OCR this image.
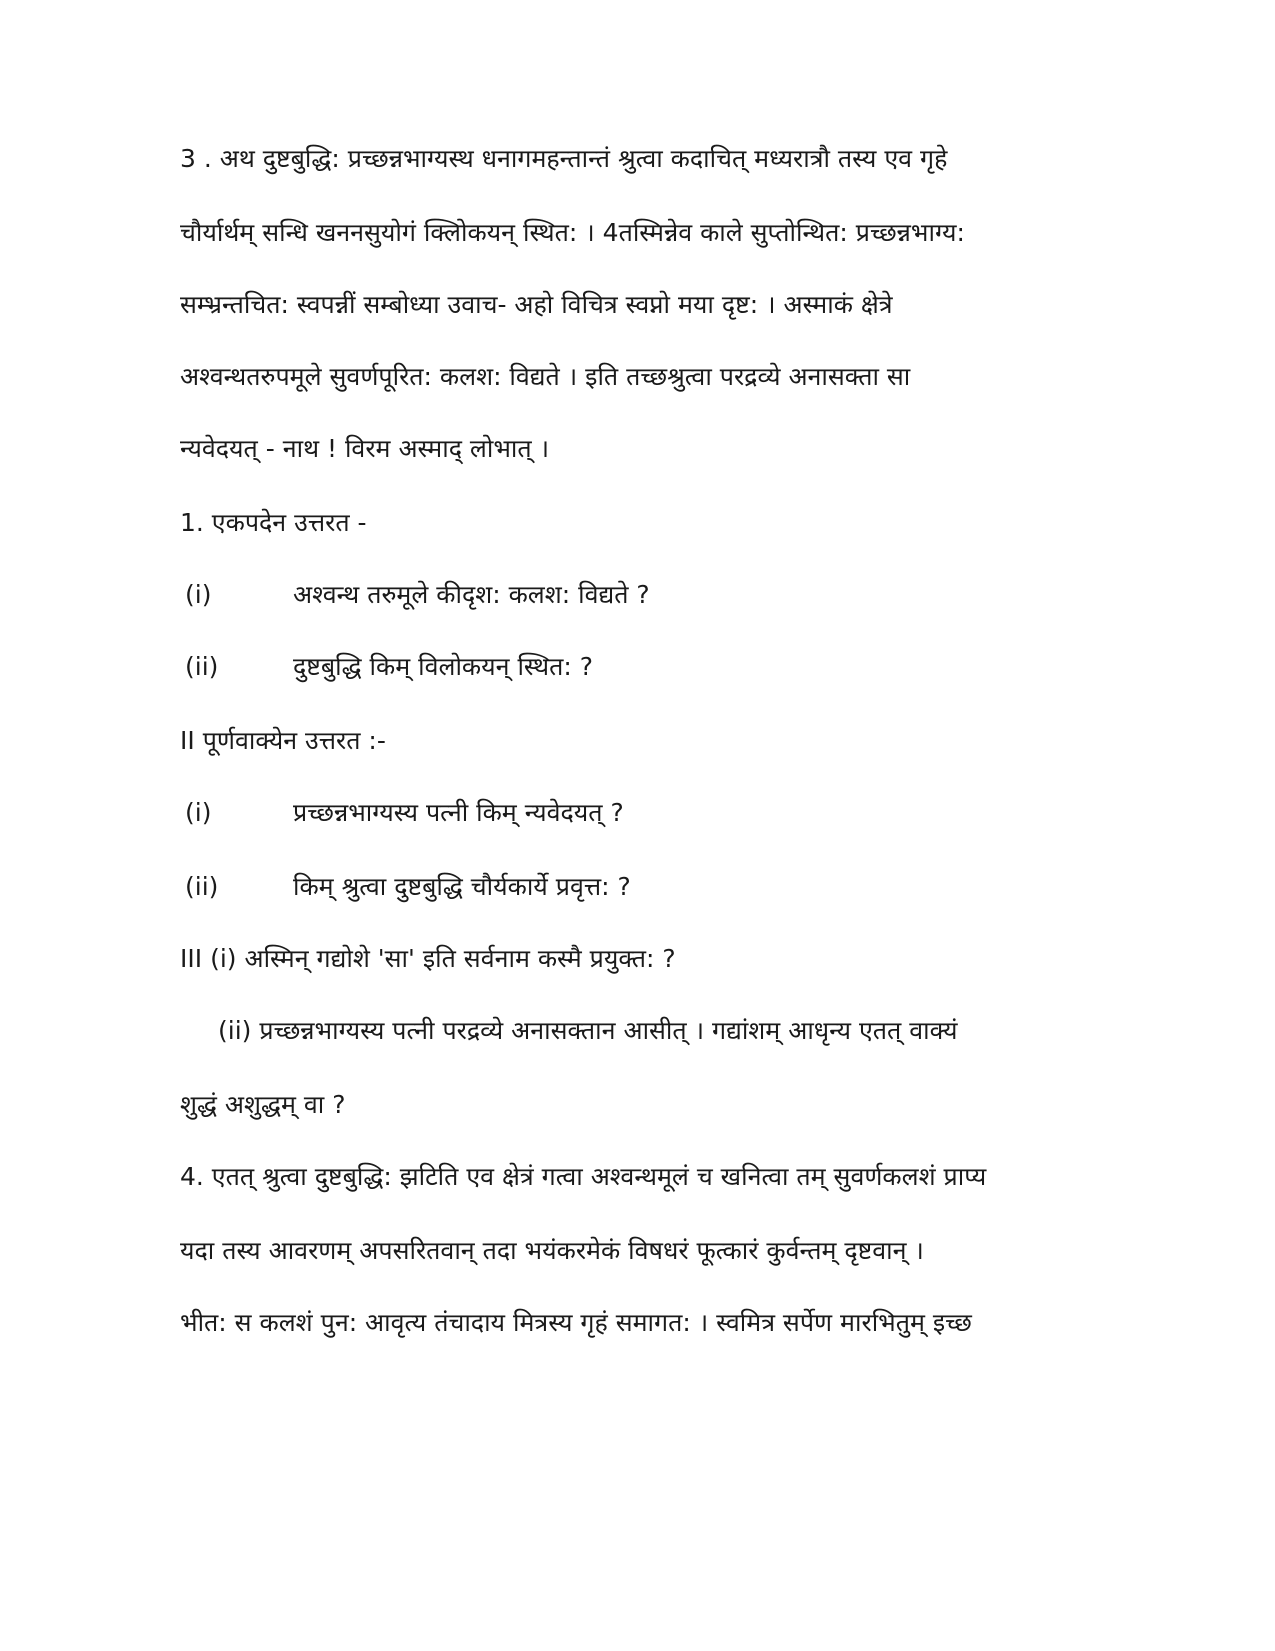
3 . अथ दुष्टबुद्धि: प्रच्छन्नभाग्यस्थ धनागमहन्तान्तं श्रुत्वा कदाचित् मध्यरात्रौ तस्य एव गृहे
चौर्यार्थम् सन्धि खननसुयोगं क्लिोकयन् स्थित: । 4तस्मिन्नेव काले सुप्तोन्थित: प्रच्छन्नभाग्य:
सम्भ्रन्तचित: स्वपन्नीं सम्बोध्या उवाच- अहो विचित्र स्वप्नो मया दृष्ट: । अस्माकं क्षेत्रे
अश्वन्थतरुपमूले सुवर्णपूरित: कलश: विद्यते । इति तच्छश्रुत्वा परद्रव्ये अनासक्ता सा
न्यवेदयत् - नाथ ! विरम अस्माद् लोभात् ।
1. एकपदेन उत्तरत -
(i)	अश्वन्थ तरुमूले कीदृश: कलश: विद्यते ?
(ii)	दुष्टबुद्धि किम् विलोकयन् स्थित: ?
II पूर्णवाक्येन उत्तरत :-
(i)	प्रच्छन्नभाग्यस्य पत्नी किम् न्यवेदयत् ?
(ii)	किम् श्रुत्वा दुष्टबुद्धि चौर्यकार्ये प्रवृत्त: ?
III (i) अस्मिन् गद्योशे 'सा' इति सर्वनाम कस्मै प्रयुक्त: ?
(ii) प्रच्छन्नभाग्यस्य पत्नी परद्रव्ये अनासक्तान आसीत् । गद्यांशम् आधृन्य एतत् वाक्यं
शुद्धं अशुद्धम् वा ?
4. एतत् श्रुत्वा दुष्टबुद्धि: झटिति एव क्षेत्रं गत्वा अश्वन्थमूलं च खनित्वा तम् सुवर्णकलशं प्राप्य
यदा तस्य आवरणम् अपसरितवान् तदा भयंकरमेकं विषधरं फूत्कारं कुर्वन्तम् दृष्टवान् ।
भीत: स कलशं पुन: आवृत्य तंचादाय मित्रस्य गृहं समागत: । स्वमित्र सर्पेण मारभितुम् इच्छ
